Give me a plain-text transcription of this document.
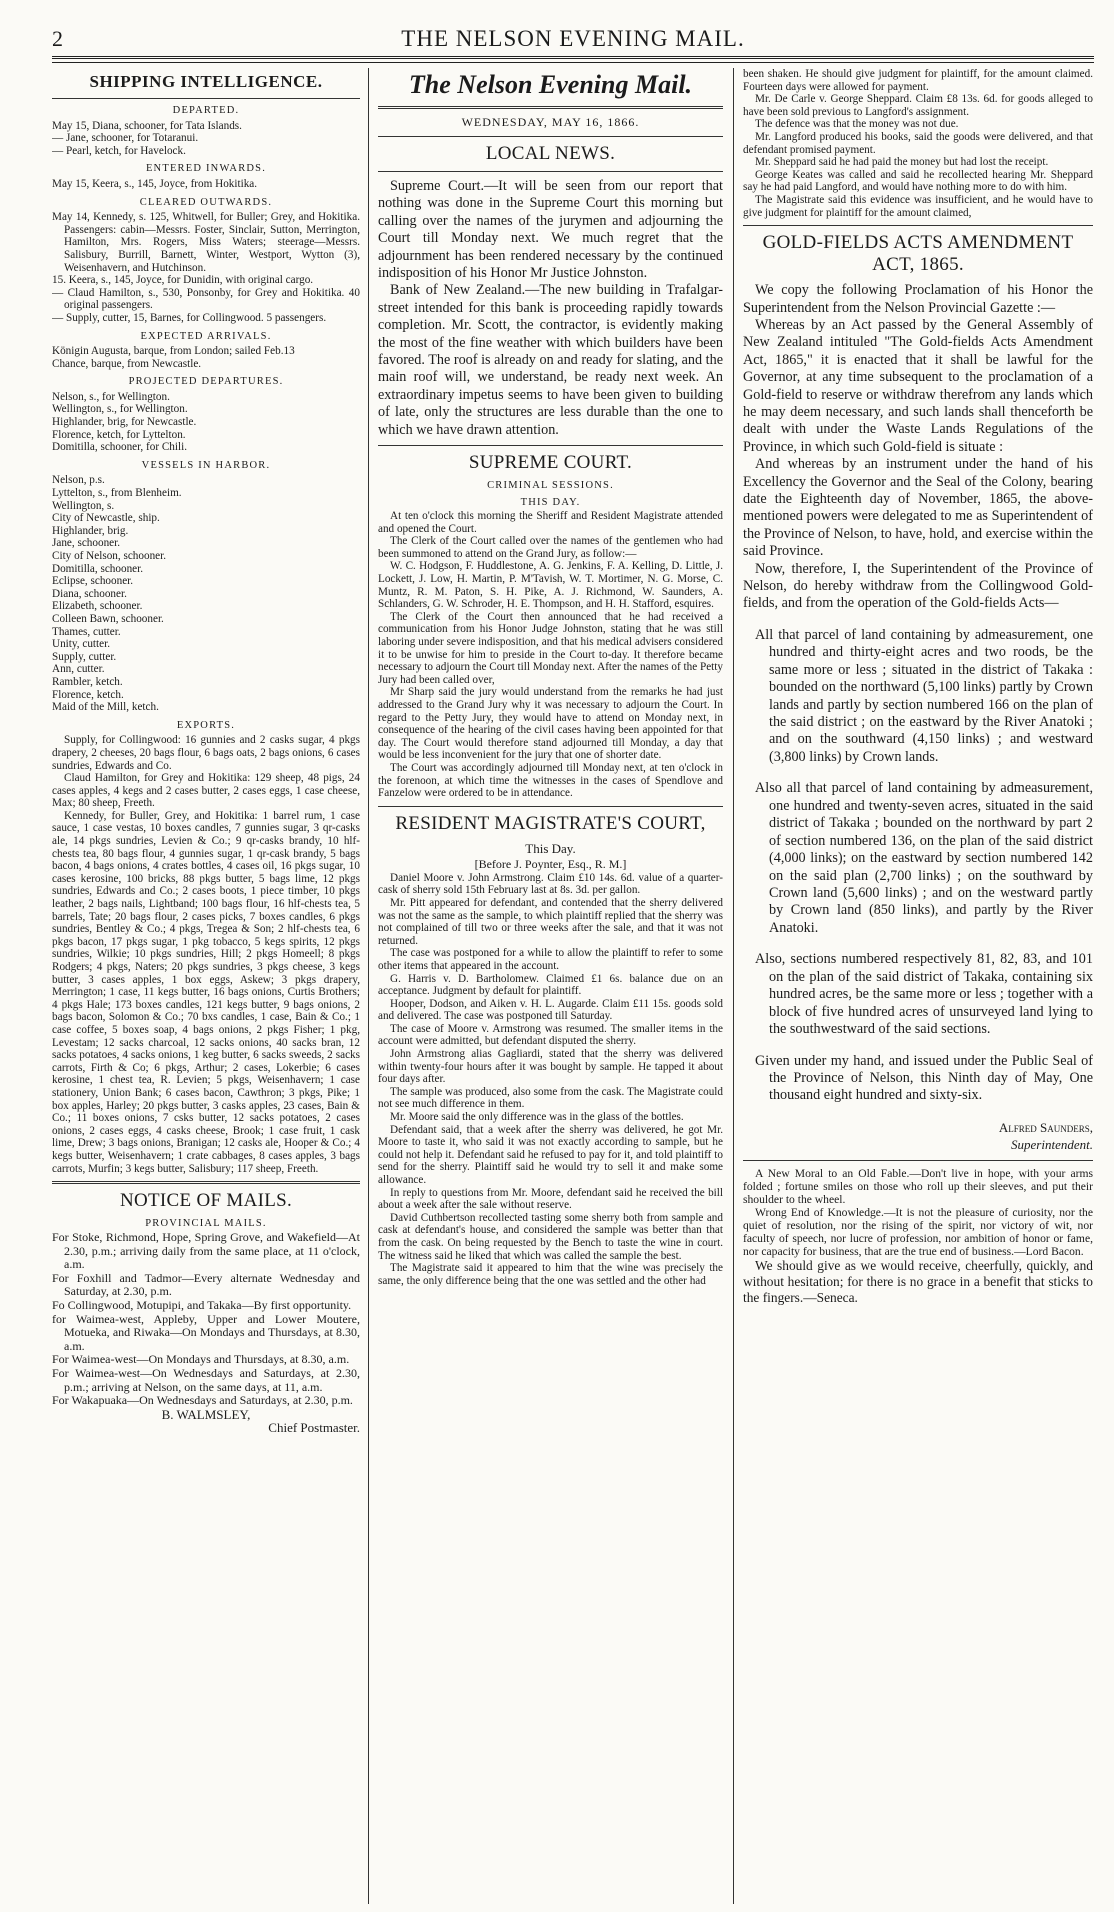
2	THE NELSON EVENING MAIL.
SHIPPING INTELLIGENCE.
DEPARTED.

May 15, Diana, schooner, for Tata Islands.

— Jane, schooner, for Totaranui.

— Pearl, ketch, for Havelock.

ENTERED INWARDS.

May 15, Keera, s., 145, Joyce, from Hokitika.

CLEARED OUTWARDS.

May 14, Kennedy, s. 125, Whitwell, for Buller; Grey, and Hokitika. Passengers: cabin—Messrs. Foster, Sinclair, Sutton, Merrington, Hamilton, Mrs. Rogers, Miss Waters; steerage—Messrs. Salisbury, Burrill, Barnett, Winter, Westport, Wytton (3), Weisenhavern, and Hutchinson.

15. Keera, s., 145, Joyce, for Dunidin, with original cargo.

— Claud Hamilton, s., 530, Ponsonby, for Grey and Hokitika. 40 original passengers.

— Supply, cutter, 15, Barnes, for Collingwood. 5 passengers.

EXPECTED ARRIVALS.

Königin Augusta, barque, from London; sailed Feb.13

Chance, barque, from Newcastle.

PROJECTED DEPARTURES.

Nelson, s., for Wellington.

Wellington, s., for Wellington.

Highlander, brig, for Newcastle.

Florence, ketch, for Lyttelton.

Domitilla, schooner, for Chili.

VESSELS IN HARBOR.

Nelson, p.s.

Lyttelton, s., from Blenheim.

Wellington, s.

City of Newcastle, ship.

Highlander, brig.

Jane, schooner.

City of Nelson, schooner.

Domitilla, schooner.

Eclipse, schooner.

Diana, schooner.

Elizabeth, schooner.

Colleen Bawn, schooner.

Thames, cutter.

Unity, cutter.

Supply, cutter.

Ann, cutter.

Rambler, ketch.

Florence, ketch.

Maid of the Mill, ketch.

EXPORTS.

Supply, for Collingwood: 16 gunnies and 2 casks sugar, 4 pkgs drapery, 2 cheeses, 20 bags flour, 6 bags oats, 2 bags onions, 6 cases sundries, Edwards and Co.

Claud Hamilton, for Grey and Hokitika: 129 sheep, 48 pigs, 24 cases apples, 4 kegs and 2 cases butter, 2 cases eggs, 1 case cheese, Max; 80 sheep, Freeth.

Kennedy, for Buller, Grey, and Hokitika: 1 barrel rum, 1 case sauce, 1 case vestas, 10 boxes candles, 7 gunnies sugar, 3 qr-casks ale, 14 pkgs sundries, Levien & Co.; 9 qr-casks brandy, 10 hlf-chests tea, 80 bags flour, 4 gunnies sugar, 1 qr-cask brandy, 5 bags bacon, 4 bags onions, 4 crates bottles, 4 cases oil, 16 pkgs sugar, 10 cases kerosine, 100 bricks, 88 pkgs butter, 5 bags lime, 12 pkgs sundries, Edwards and Co.; 2 cases boots, 1 piece timber, 10 pkgs leather, 2 bags nails, Lightband; 100 bags flour, 16 hlf-chests tea, 5 barrels, Tate; 20 bags flour, 2 cases picks, 7 boxes candles, 6 pkgs sundries, Bentley & Co.; 4 pkgs, Tregea & Son; 2 hlf-chests tea, 6 pkgs bacon, 17 pkgs sugar, 1 pkg tobacco, 5 kegs spirits, 12 pkgs sundries, Wilkie; 10 pkgs sundries, Hill; 2 pkgs Homeell; 8 pkgs Rodgers; 4 pkgs, Naters; 20 pkgs sundries, 3 pkgs cheese, 3 kegs butter, 3 cases apples, 1 box eggs, Askew; 3 pkgs drapery, Merrington; 1 case, 11 kegs butter, 16 bags onions, Curtis Brothers; 4 pkgs Hale; 173 boxes candles, 121 kegs butter, 9 bags onions, 2 bags bacon, Solomon & Co.; 70 bxs candles, 1 case, Bain & Co.; 1 case coffee, 5 boxes soap, 4 bags onions, 2 pkgs Fisher; 1 pkg, Levestam; 12 sacks charcoal, 12 sacks onions, 40 sacks bran, 12 sacks potatoes, 4 sacks onions, 1 keg butter, 6 sacks sweeds, 2 sacks carrots, Firth & Co; 6 pkgs, Arthur; 2 cases, Lokerbie; 6 cases kerosine, 1 chest tea, R. Levien; 5 pkgs, Weisenhavern; 1 case stationery, Union Bank; 6 cases bacon, Cawthron; 3 pkgs, Pike; 1 box apples, Harley; 20 pkgs butter, 3 casks apples, 23 cases, Bain & Co.; 11 boxes onions, 7 csks butter, 12 sacks potatoes, 2 cases onions, 2 cases eggs, 4 casks cheese, Brook; 1 case fruit, 1 cask lime, Drew; 3 bags onions, Branigan; 12 casks ale, Hooper & Co.; 4 kegs butter, Weisenhavern; 1 crate cabbages, 8 cases apples, 3 bags carrots, Murfin; 3 kegs butter, Salisbury; 117 sheep, Freeth.

NOTICE OF MAILS.
PROVINCIAL MAILS.

For Stoke, Richmond, Hope, Spring Grove, and Wakefield—At 2.30, p.m.; arriving daily from the same place, at 11 o'clock, a.m.

For Foxhill and Tadmor—Every alternate Wednesday and Saturday, at 2.30, p.m.

Fo Collingwood, Motupipi, and Takaka—By first opportunity.

for Waimea-west, Appleby, Upper and Lower Moutere, Motueka, and Riwaka—On Mondays and Thursdays, at 8.30, a.m.

For Waimea-west—On Mondays and Thursdays, at 8.30, a.m.

For Waimea-west—On Wednesdays and Saturdays, at 2.30, p.m.; arriving at Nelson, on the same days, at 11, a.m.

For Wakapuaka—On Wednesdays and Saturdays, at 2.30, p.m.

B. WALMSLEY,
Chief Postmaster.
The Nelson Evening Mail.
WEDNESDAY, MAY 16, 1866.
LOCAL NEWS.

Supreme Court.—It will be seen from our report that nothing was done in the Supreme Court this morning but calling over the names of the jurymen and adjourning the Court till Monday next. We much regret that the adjournment has been rendered necessary by the continued indisposition of his Honor Mr Justice Johnston.

Bank of New Zealand.—The new building in Trafalgar-street intended for this bank is proceeding rapidly towards completion. Mr. Scott, the contractor, is evidently making the most of the fine weather with which builders have been favored. The roof is already on and ready for slating, and the main roof will, we understand, be ready next week. An extraordinary impetus seems to have been given to building of late, only the structures are less durable than the one to which we have drawn attention.

SUPREME COURT.
CRIMINAL SESSIONS.
THIS DAY.

At ten o'clock this morning the Sheriff and Resident Magistrate attended and opened the Court.

The Clerk of the Court called over the names of the gentlemen who had been summoned to attend on the Grand Jury, as follow:—

W. C. Hodgson, F. Huddlestone, A. G. Jenkins, F. A. Kelling, D. Little, J. Lockett, J. Low, H. Martin, P. M'Tavish, W. T. Mortimer, N. G. Morse, C. Muntz, R. M. Paton, S. H. Pike, A. J. Richmond, W. Saunders, A. Schlanders, G. W. Schroder, H. E. Thompson, and H. H. Stafford, esquires.

The Clerk of the Court then announced that he had received a communication from his Honor Judge Johnston, stating that he was still laboring under severe indisposition, and that his medical advisers considered it to be unwise for him to preside in the Court to-day. It therefore became necessary to adjourn the Court till Monday next. After the names of the Petty Jury had been called over,

Mr Sharp said the jury would understand from the remarks he had just addressed to the Grand Jury why it was necessary to adjourn the Court. In regard to the Petty Jury, they would have to attend on Monday next, in consequence of the hearing of the civil cases having been appointed for that day. The Court would therefore stand adjourned till Monday, a day that would be less inconvenient for the jury that one of shorter date.

The Court was accordingly adjourned till Monday next, at ten o'clock in the forenoon, at which time the witnesses in the cases of Spendlove and Fanzelow were ordered to be in attendance.

RESIDENT MAGISTRATE'S COURT,
This Day.
[Before J. Poynter, Esq., R. M.]

Daniel Moore v. John Armstrong. Claim £10 14s. 6d. value of a quarter-cask of sherry sold 15th February last at 8s. 3d. per gallon.

Mr. Pitt appeared for defendant, and contended that the sherry delivered was not the same as the sample, to which plaintiff replied that the sherry was not complained of till two or three weeks after the sale, and that it was not returned.

The case was postponed for a while to allow the plaintiff to refer to some other items that appeared in the account.

G. Harris v. D. Bartholomew. Claimed £1 6s. balance due on an acceptance. Judgment by default for plaintiff.

Hooper, Dodson, and Aiken v. H. L. Augarde. Claim £11 15s. goods sold and delivered. The case was postponed till Saturday.

The case of Moore v. Armstrong was resumed. The smaller items in the account were admitted, but defendant disputed the sherry.

John Armstrong alias Gagliardi, stated that the sherry was delivered within twenty-four hours after it was bought by sample. He tapped it about four days after.

The sample was produced, also some from the cask. The Magistrate could not see much difference in them.

Mr. Moore said the only difference was in the glass of the bottles.

Defendant said, that a week after the sherry was delivered, he got Mr. Moore to taste it, who said it was not exactly according to sample, but he could not help it. Defendant said he refused to pay for it, and told plaintiff to send for the sherry. Plaintiff said he would try to sell it and make some allowance.

In reply to questions from Mr. Moore, defendant said he received the bill about a week after the sale without reserve.

David Cuthbertson recollected tasting some sherry both from sample and cask at defendant's house, and considered the sample was better than that from the cask. On being requested by the Bench to taste the wine in court. The witness said he liked that which was called the sample the best.

The Magistrate said it appeared to him that the wine was precisely the same, the only difference being that the one was settled and the other had

been shaken. He should give judgment for plaintiff, for the amount claimed. Fourteen days were allowed for payment.

Mr. De Carle v. George Sheppard. Claim £8 13s. 6d. for goods alleged to have been sold previous to Langford's assignment.

The defence was that the money was not due.

Mr. Langford produced his books, said the goods were delivered, and that defendant promised payment.

Mr. Sheppard said he had paid the money but had lost the receipt.

George Keates was called and said he recollected hearing Mr. Sheppard say he had paid Langford, and would have nothing more to do with him.

The Magistrate said this evidence was insufficient, and he would have to give judgment for plaintiff for the amount claimed,

GOLD-FIELDS ACTS AMENDMENT ACT, 1865.

We copy the following Proclamation of his Honor the Superintendent from the Nelson Provincial Gazette :—

Whereas by an Act passed by the General Assembly of New Zealand intituled "The Gold-fields Acts Amendment Act, 1865," it is enacted that it shall be lawful for the Governor, at any time subsequent to the proclamation of a Gold-field to reserve or withdraw therefrom any lands which he may deem necessary, and such lands shall thenceforth be dealt with under the Waste Lands Regulations of the Province, in which such Gold-field is situate :

And whereas by an instrument under the hand of his Excellency the Governor and the Seal of the Colony, bearing date the Eighteenth day of November, 1865, the above-mentioned powers were delegated to me as Superintendent of the Province of Nelson, to have, hold, and exercise within the said Province.

Now, therefore, I, the Superintendent of the Province of Nelson, do hereby withdraw from the Collingwood Gold-fields, and from the operation of the Gold-fields Acts—

All that parcel of land containing by admeasurement, one hundred and thirty-eight acres and two roods, be the same more or less ; situated in the district of Takaka : bounded on the northward (5,100 links) partly by Crown lands and partly by section numbered 166 on the plan of the said district ; on the eastward by the River Anatoki ; and on the southward (4,150 links) ; and westward (3,800 links) by Crown lands.

Also all that parcel of land containing by admeasurement, one hundred and twenty-seven acres, situated in the said district of Takaka ; bounded on the northward by part 2 of section numbered 136, on the plan of the said district (4,000 links); on the eastward by section numbered 142 on the said plan (2,700 links) ; on the southward by Crown land (5,600 links) ; and on the westward partly by Crown land (850 links), and partly by the River Anatoki.

Also, sections numbered respectively 81, 82, 83, and 101 on the plan of the said district of Takaka, containing six hundred acres, be the same more or less ; together with a block of five hundred acres of unsurveyed land lying to the southwestward of the said sections.

Given under my hand, and issued under the Public Seal of the Province of Nelson, this Ninth day of May, One thousand eight hundred and sixty-six.

Alfred Saunders,
Superintendent.

A New Moral to an Old Fable.—Don't live in hope, with your arms folded ; fortune smiles on those who roll up their sleeves, and put their shoulder to the wheel.

Wrong End of Knowledge.—It is not the pleasure of curiosity, nor the quiet of resolution, nor the rising of the spirit, nor victory of wit, nor faculty of speech, nor lucre of profession, nor ambition of honor or fame, nor capacity for business, that are the true end of business.—Lord Bacon.

We should give as we would receive, cheerfully, quickly, and without hesitation; for there is no grace in a benefit that sticks to the fingers.—Seneca.
